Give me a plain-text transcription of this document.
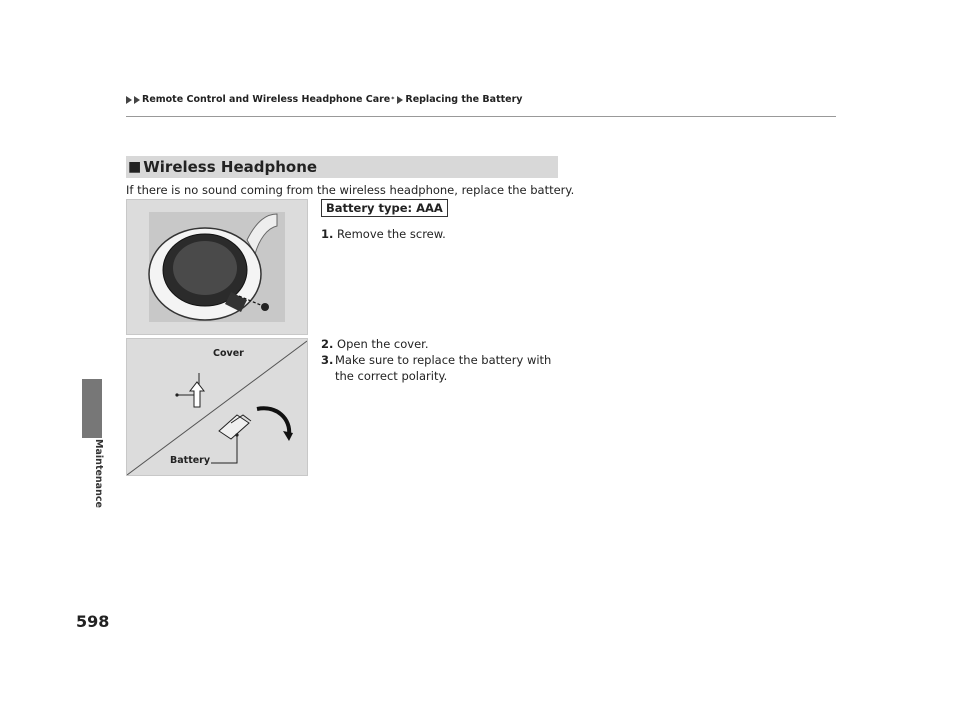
Remote Control and Wireless Headphone Care * Replacing the Battery
Maintenance
598
■ Wireless Headphone
If there is no sound coming from the wireless headphone, replace the battery.
Cover
Battery
Battery type: AAA
1. Remove the screw.
2. Open the cover.
3. Make sure to replace the battery with the correct polarity.
